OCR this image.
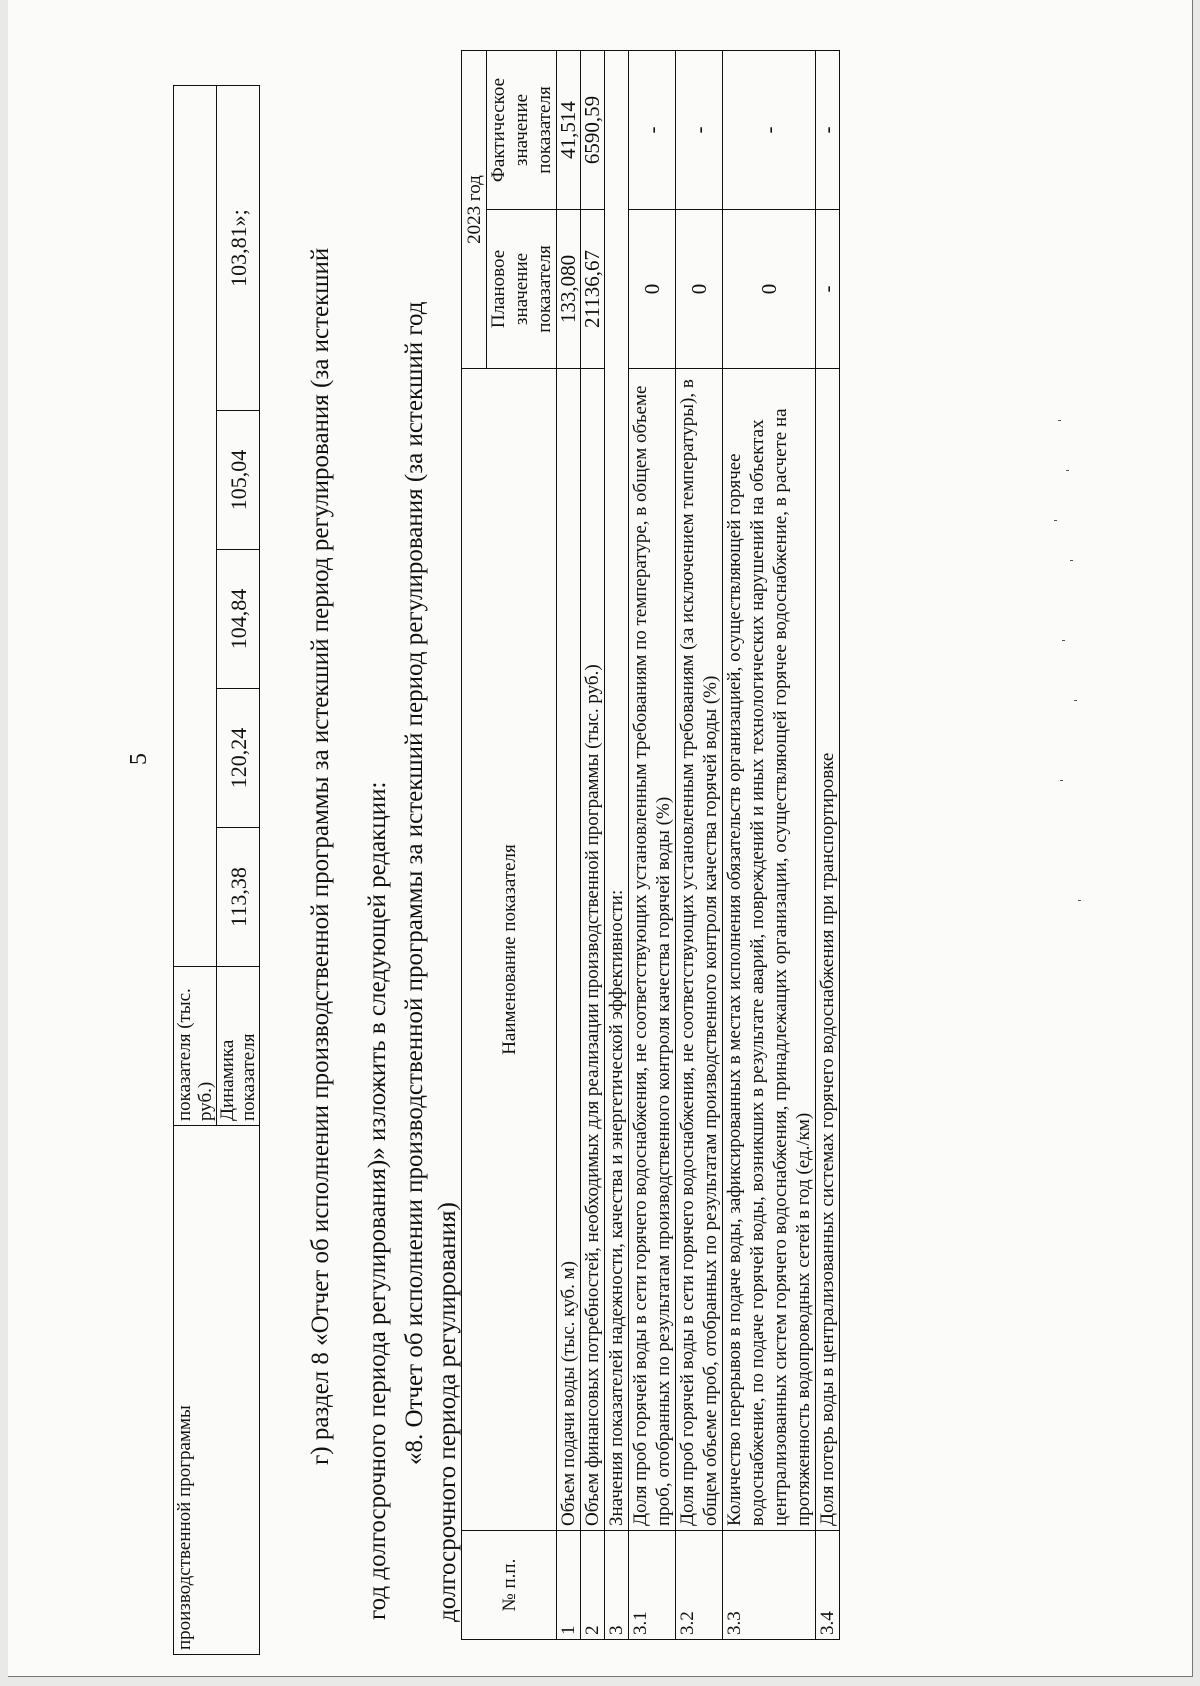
5
производственной программы	показателя (тыс. руб.)					
	Динамика показателя	113,38	120,24	104,84	105,04	103,81»; г) раздел 8 «Отчет об исполнении производственной программы за истекший период регулирования (за истекший год долгосрочного периода регулирования)» изложить в следующей редакции: «8. Отчет об исполнении производственной программы за истекший период регулирования (за истекший год долгосрочного периода регулирования) № п.п.	Наименование показателя	2023 год	
		Плановое значение показателя	Фактическое значение показателя
1	Объем подачи воды (тыс. куб. м)	133,080	41,514
2	Объем финансовых потребностей, необходимых для реализации производственной программы (тыс. руб.)	21136,67	6590,59
3	Значения показателей надежности, качества и энергетической эффективности:		
3.1	Доля проб горячей воды в сети горячего водоснабжения, не соответствующих установленным требованиям по температуре, в общем объеме проб, отобранных по результатам производственного контроля качества горячей воды (%)	0	-
3.2	Доля проб горячей воды в сети горячего водоснабжения, не соответствующих установленным требованиям (за исключением температуры), в общем объеме проб, отобранных по результатам производственного контроля качества горячей воды (%)	0	-
3.3	Количество перерывов в подаче воды, зафиксированных в местах исполнения обязательств организацией, осуществляющей горячее водоснабжение, по подаче горячей воды, возникших в результате аварий, повреждений и иных технологических нарушений на объектах централизованных систем горячего водоснабжения, принадлежащих организации, осуществляющей горячее водоснабжение, в расчете на протяженность водопроводных сетей в год (ед./км)	0	-
3.4	Доля потерь воды в централизованных системах горячего водоснабжения при транспортировке	-	-
